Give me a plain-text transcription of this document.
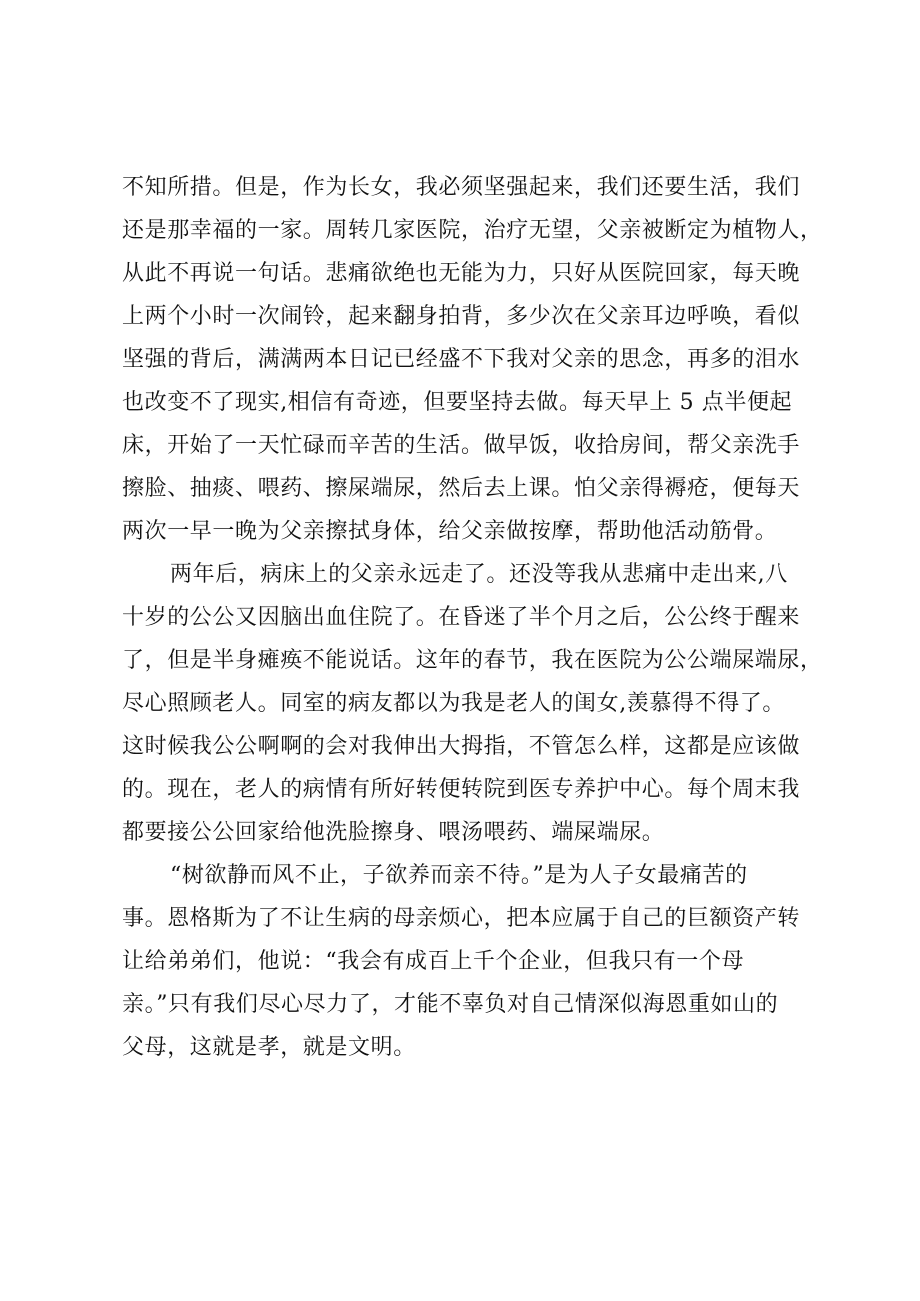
不知所措。但是，作为长女，我必须坚强起来，我们还要生活，我们
还是那幸福的一家。周转几家医院，治疗无望，父亲被断定为植物人，
从此不再说一句话。悲痛欲绝也无能为力，只好从医院回家，每天晚
上两个小时一次闹铃，起来翻身拍背，多少次在父亲耳边呼唤，看似
坚强的背后，满满两本日记已经盛不下我对父亲的思念，再多的泪水
也改变不了现实,相信有奇迹，但要坚持去做。每天早上 5 点半便起
床，开始了一天忙碌而辛苦的生活。做早饭，收拾房间，帮父亲洗手
擦脸、抽痰、喂药、擦屎端尿，然后去上课。怕父亲得褥疮，便每天
两次一早一晚为父亲擦拭身体，给父亲做按摩，帮助他活动筋骨。
两年后，病床上的父亲永远走了。还没等我从悲痛中走出来,八
十岁的公公又因脑出血住院了。在昏迷了半个月之后，公公终于醒来
了，但是半身瘫痪不能说话。这年的春节，我在医院为公公端屎端尿，
尽心照顾老人。同室的病友都以为我是老人的闺女,羡慕得不得了。
这时候我公公啊啊的会对我伸出大拇指，不管怎么样，这都是应该做
的。现在，老人的病情有所好转便转院到医专养护中心。每个周末我
都要接公公回家给他洗脸擦身、喂汤喂药、端屎端尿。
“树欲静而风不止，子欲养而亲不待。”是为人子女最痛苦的
事。恩格斯为了不让生病的母亲烦心，把本应属于自己的巨额资产转
让给弟弟们，他说：“我会有成百上千个企业，但我只有一个母
亲。”只有我们尽心尽力了，才能不辜负对自己情深似海恩重如山的
父母，这就是孝，就是文明。
